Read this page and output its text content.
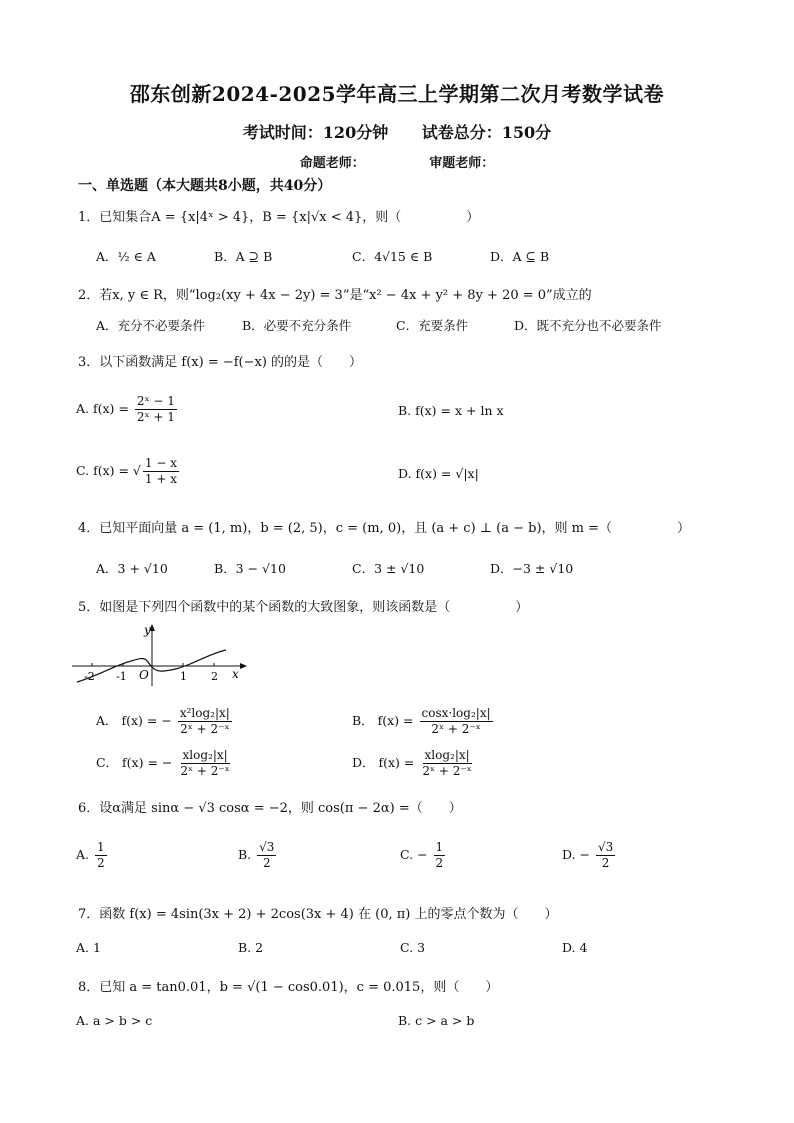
邵东创新2024-2025学年高三上学期第二次月考数学试卷
考试时间：120分钟 试卷总分：150分
命题老师：	审题老师：
一、单选题（本大题共8小题，共40分）
1．已知集合A = {x|4ˣ > 4}，B = {x|√x < 4}，则（　　　　　）
A．½ ∈ A	B．A ⊇ B	C．4√15 ∈ B	D．A ⊆ B
2．若x, y ∈ R，则“log₂(xy + 4x − 2y) = 3”是“x² − 4x + y² + 8y + 20 = 0”成立的
A．充分不必要条件	B．必要不充分条件	C．充要条件	D．既不充分也不必要条件
3．以下函数满足 f(x) = −f(−x) 的的是（　　）
A. $f(x) = \frac{\text{2ˣ − 1}}{\text{2ˣ + 1}}$	B. f(x) = x + ln x
C. f(x) = √ $\frac{1 - x}{1 + x}$	D. f(x) = √|x|
4．已知平面向量 a = (1, m)，b = (2, 5)，c = (m, 0)，且 (a + c) ⊥ (a − b)，则 m =（　　　　　）
A．3 + √10	B．3 − √10	C．3 ± √10	D．−3 ± √10
5．如图是下列四个函数中的某个函数的大致图象，则该函数是（　　　　　）
y
x
O
-2 -1	1 2
A． f(x) = − $\frac{\text{x²log₂|x|}}{\text{2ˣ + 2⁻ˣ}}$	B． $f(x) = \frac{\text{cosx·log₂|x|}}{\text{2ˣ + 2⁻ˣ}}$
C． f(x) = − $\frac{\text{xlog₂|x|}}{\text{2ˣ + 2⁻ˣ}}$	D． $f(x) = \frac{\text{xlog₂|x|}}{\text{2ˣ + 2⁻ˣ}}$
6．设α满足 sinα − √3 cosα = −2，则 cos(π − 2α) =（　　）
A. $\frac{1}{2}$	B. $\frac{√3}{2}$	C. − $\frac{1}{2}$	D. − $\frac{√3}{2}$
7．函数 f(x) = 4sin(3x + 2) + 2cos(3x + 4) 在 (0, π) 上的零点个数为（　　）
A. 1	B. 2	C. 3	D. 4
8．已知 a = tan0.01，b = √(1 − cos0.01)，c = 0.015，则（　　）
A. a > b > c	B. c > a > b
